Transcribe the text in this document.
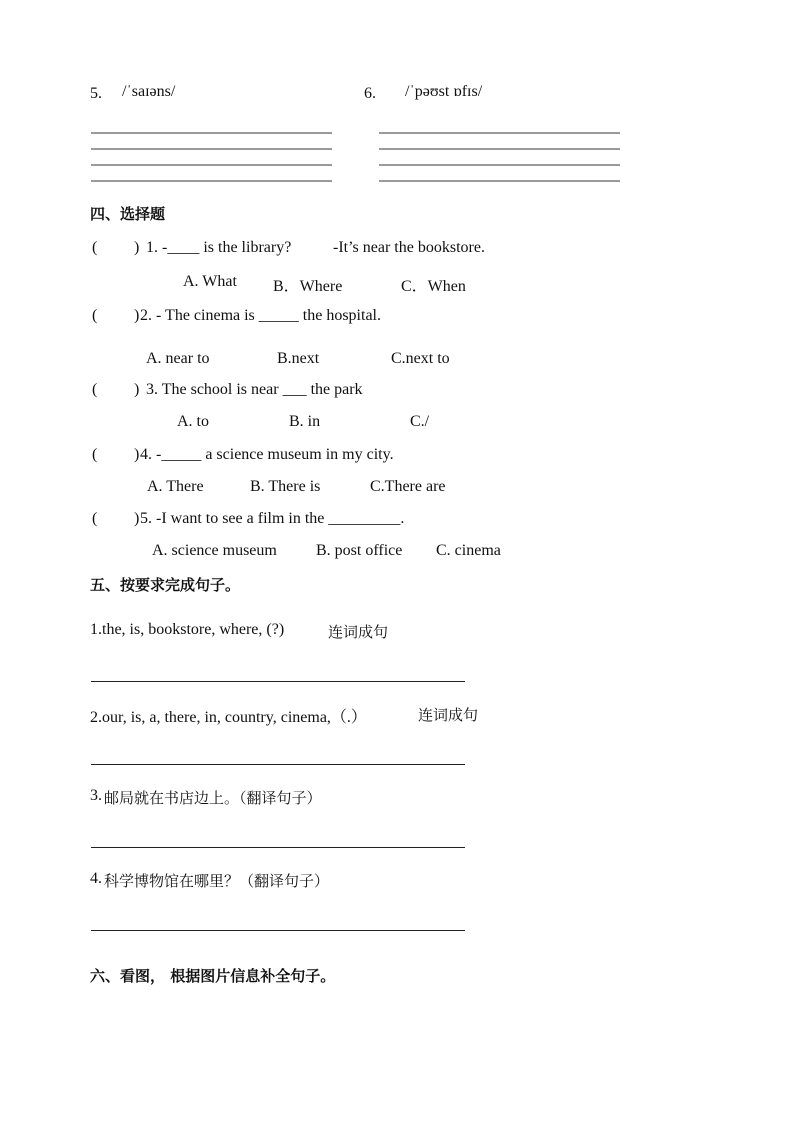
5. /ˈsaɪəns/	6. /ˈpəʊst ɒfɪs/
四、选择题
( ) 1. -____ is the library?	-It’s near the bookstore.
A. What B．Where	C．When
( ) 2. - The cinema is _____ the hospital.
A. near to	B.next	C.next to
( ) 3. The school is near ___ the park
A. to	B. in	C./
( ) 4. -_____ a science museum in my city.
A. There	B. There is	C.There are
( ) 5. -I want to see a film in the _________.
A. science museum B. post office C. cinema
五、按要求完成句子。
1.the, is, bookstore, where, (?)	连词成句
2.our, is, a, there, in, country, cinema,（.）	连词成句
3. 邮局就在书店边上。（翻译句子）
4. 科学博物馆在哪里？（翻译句子）
六、看图， 根据图片信息补全句子。
